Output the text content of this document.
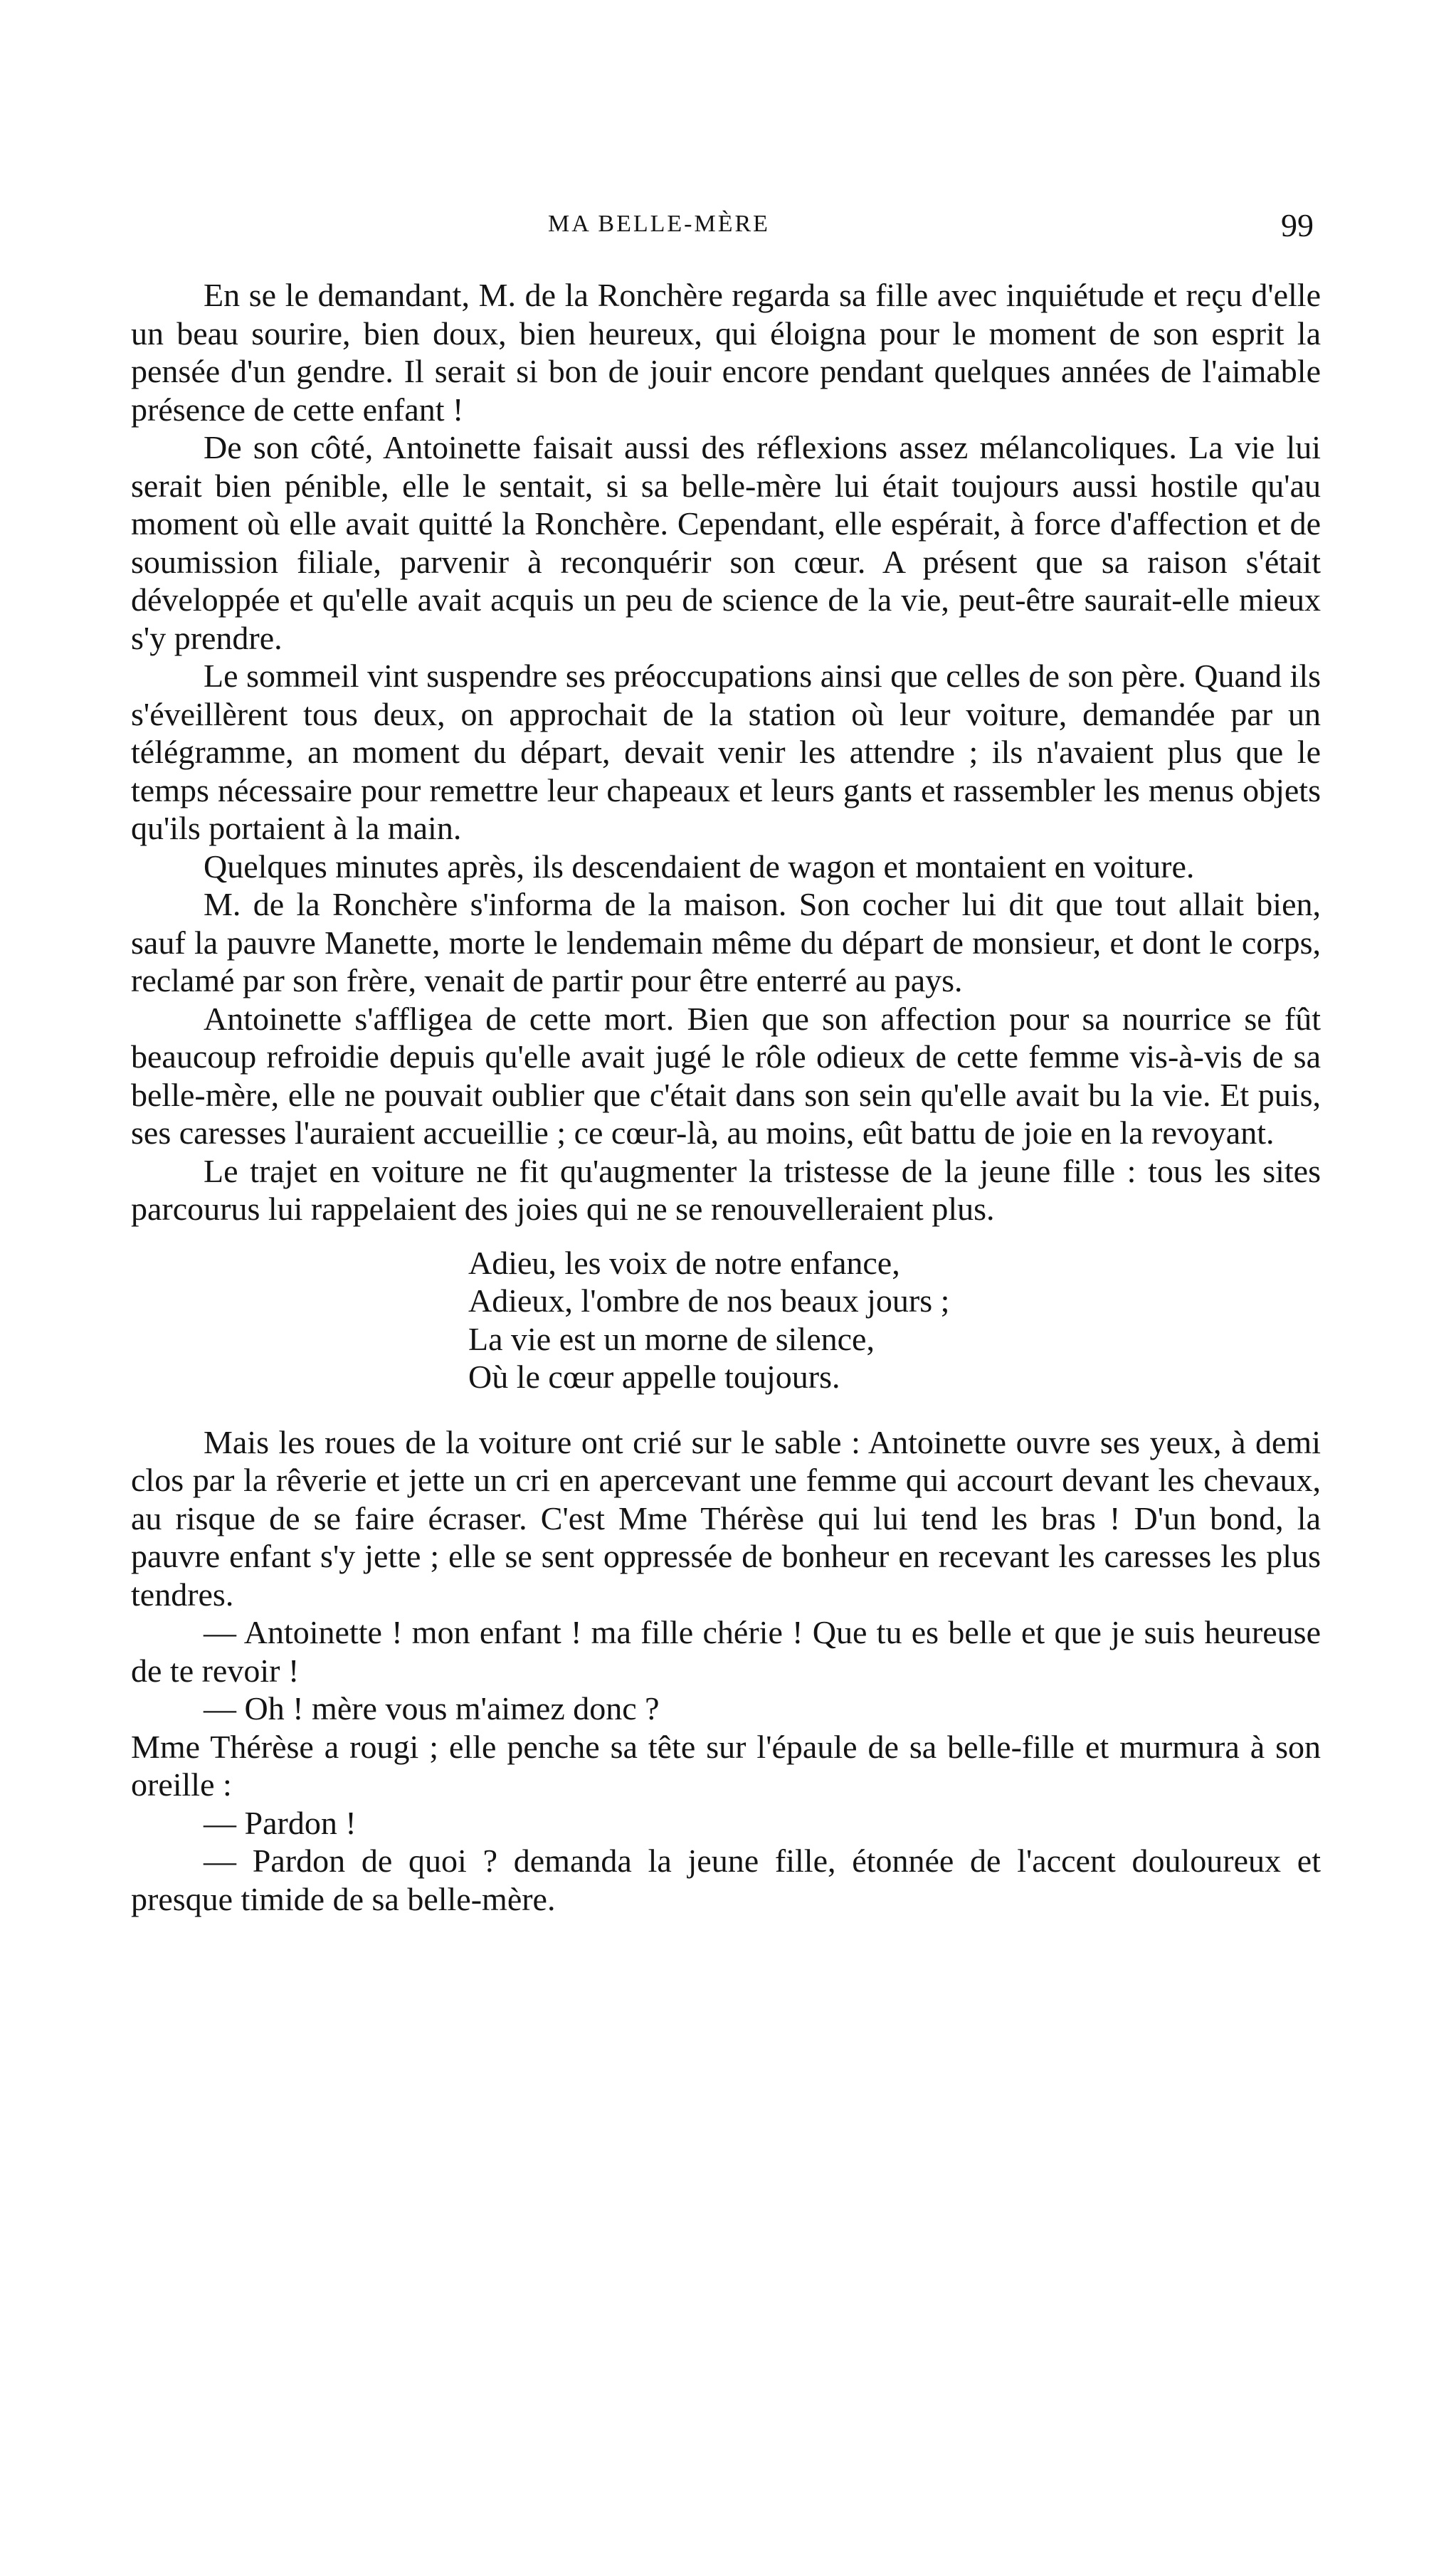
MA BELLE-MÈRE	99

En se le demandant, M. de la Ronchère regarda sa fille avec inquiétude et reçu d'elle un beau sourire, bien doux, bien heureux, qui éloigna pour le moment de son esprit la pensée d'un gendre. Il serait si bon de jouir encore pendant quelques années de l'aimable présence de cette enfant !

De son côté, Antoinette faisait aussi des réflexions assez mélancoliques. La vie lui serait bien pénible, elle le sentait, si sa belle-mère lui était toujours aussi hostile qu'au moment où elle avait quitté la Ronchère. Cependant, elle espérait, à force d'affection et de soumission filiale, parvenir à reconquérir son cœur. A présent que sa raison s'était développée et qu'elle avait acquis un peu de science de la vie, peut-être saurait-elle mieux s'y prendre.

Le sommeil vint suspendre ses préoccupations ainsi que celles de son père. Quand ils s'éveillèrent tous deux, on approchait de la station où leur voiture, demandée par un télégramme, an moment du départ, devait venir les attendre ; ils n'avaient plus que le temps nécessaire pour remettre leur chapeaux et leurs gants et rassembler les menus objets qu'ils portaient à la main.

Quelques minutes après, ils descendaient de wagon et montaient en voiture.

M. de la Ronchère s'informa de la maison. Son cocher lui dit que tout allait bien, sauf la pauvre Manette, morte le lendemain même du départ de monsieur, et dont le corps, reclamé par son frère, venait de partir pour être enterré au pays.

Antoinette s'affligea de cette mort. Bien que son affection pour sa nourrice se fût beaucoup refroidie depuis qu'elle avait jugé le rôle odieux de cette femme vis-à-vis de sa belle-mère, elle ne pouvait oublier que c'était dans son sein qu'elle avait bu la vie. Et puis, ses caresses l'auraient accueillie ; ce cœur-là, au moins, eût battu de joie en la revoyant.

Le trajet en voiture ne fit qu'augmenter la tristesse de la jeune fille : tous les sites parcourus lui rappelaient des joies qui ne se renouvelleraient plus.

Adieu, les voix de notre enfance,
Adieux, l'ombre de nos beaux jours ;
La vie est un morne de silence,
Où le cœur appelle toujours.

Mais les roues de la voiture ont crié sur le sable : Antoinette ouvre ses yeux, à demi clos par la rêverie et jette un cri en apercevant une femme qui accourt devant les chevaux, au risque de se faire écraser. C'est Mme Thérèse qui lui tend les bras ! D'un bond, la pauvre enfant s'y jette ; elle se sent oppressée de bonheur en recevant les caresses les plus tendres.

— Antoinette ! mon enfant ! ma fille chérie ! Que tu es belle et que je suis heureuse de te revoir !

— Oh ! mère vous m'aimez donc ?

Mme Thérèse a rougi ; elle penche sa tête sur l'épaule de sa belle-fille et murmura à son oreille :

— Pardon !

— Pardon de quoi ? demanda la jeune fille, étonnée de l'accent douloureux et presque timide de sa belle-mère.
